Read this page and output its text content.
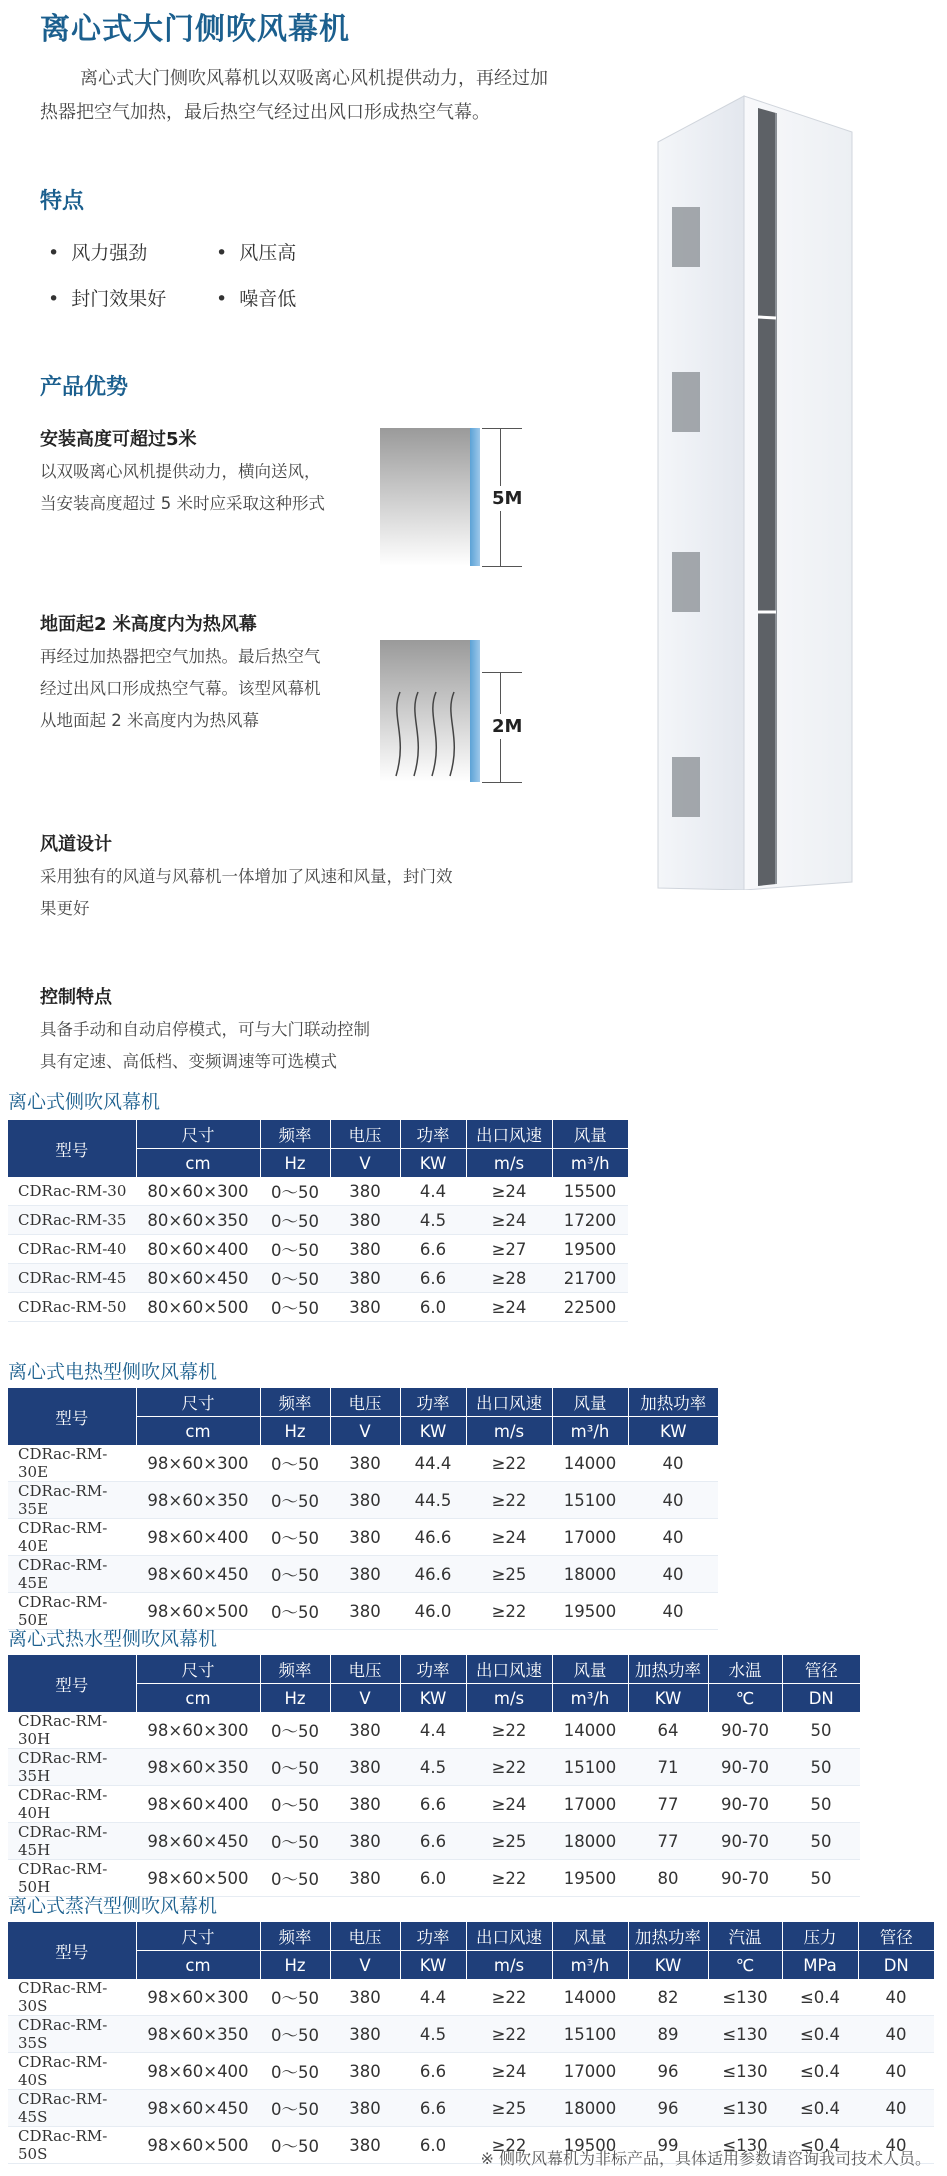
离心式大门侧吹风幕机

离心式大门侧吹风幕机以双吸离心风机提供动力，再经过加热器把空气加热，最后热空气经过出风口形成热空气幕。

特点
• 风力强劲	• 风压高
• 封门效果好	• 噪音低
产品优势
安装高度可超过5米
以双吸离心风机提供动力，横向送风，当安装高度超过 5 米时应采取这种形式
地面起2 米高度内为热风幕
再经过加热器把空气加热。最后热空气经过出风口形成热空气幕。该型风幕机从地面起 2 米高度内为热风幕
风道设计
采用独有的风道与风幕机一体增加了风速和风量，封门效果更好
5M
2M
控制特点
具备手动和自动启停模式，可与大门联动控制
具有定速、高低档、变频调速等可选模式
离心式侧吹风幕机
型号	尺寸	频率	电压	功率	出口风速	风量
	cm	Hz	V	KW	m/s	m³/h
CDRac-RM-30	80×60×300	0～50	380	4.4	≥24	15500
CDRac-RM-35	80×60×350	0～50	380	4.5	≥24	17200
CDRac-RM-40	80×60×400	0～50	380	6.6	≥27	19500
CDRac-RM-45	80×60×450	0～50	380	6.6	≥28	21700
CDRac-RM-50	80×60×500	0～50	380	6.0	≥24	22500
离心式电热型侧吹风幕机
型号	尺寸	频率	电压	功率	出口风速	风量	加热功率
	cm	Hz	V	KW	m/s	m³/h	KW
CDRac-RM-30E	98×60×300	0～50	380	44.4	≥22	14000	40
CDRac-RM-35E	98×60×350	0～50	380	44.5	≥22	15100	40
CDRac-RM-40E	98×60×400	0～50	380	46.6	≥24	17000	40
CDRac-RM-45E	98×60×450	0～50	380	46.6	≥25	18000	40
CDRac-RM-50E	98×60×500	0～50	380	46.0	≥22	19500	40
离心式热水型侧吹风幕机
型号	尺寸	频率	电压	功率	出口风速	风量	加热功率	水温	管径
	cm	Hz	V	KW	m/s	m³/h	KW	℃	DN
CDRac-RM-30H	98×60×300	0～50	380	4.4	≥22	14000	64	90-70	50
CDRac-RM-35H	98×60×350	0～50	380	4.5	≥22	15100	71	90-70	50
CDRac-RM-40H	98×60×400	0～50	380	6.6	≥24	17000	77	90-70	50
CDRac-RM-45H	98×60×450	0～50	380	6.6	≥25	18000	77	90-70	50
CDRac-RM-50H	98×60×500	0～50	380	6.0	≥22	19500	80	90-70	50
离心式蒸汽型侧吹风幕机
型号	尺寸	频率	电压	功率	出口风速	风量	加热功率	汽温	压力	管径
	cm	Hz	V	KW	m/s	m³/h	KW	℃	MPa	DN
CDRac-RM-30S	98×60×300	0～50	380	4.4	≥22	14000	82	≤130	≤0.4	40
CDRac-RM-35S	98×60×350	0～50	380	4.5	≥22	15100	89	≤130	≤0.4	40
CDRac-RM-40S	98×60×400	0～50	380	6.6	≥24	17000	96	≤130	≤0.4	40
CDRac-RM-45S	98×60×450	0～50	380	6.6	≥25	18000	96	≤130	≤0.4	40
CDRac-RM-50S	98×60×500	0～50	380	6.0	≥22	19500	99	≤130	≤0.4	40
※ 侧吹风幕机为非标产品，具体适用参数请咨询我司技术人员。
